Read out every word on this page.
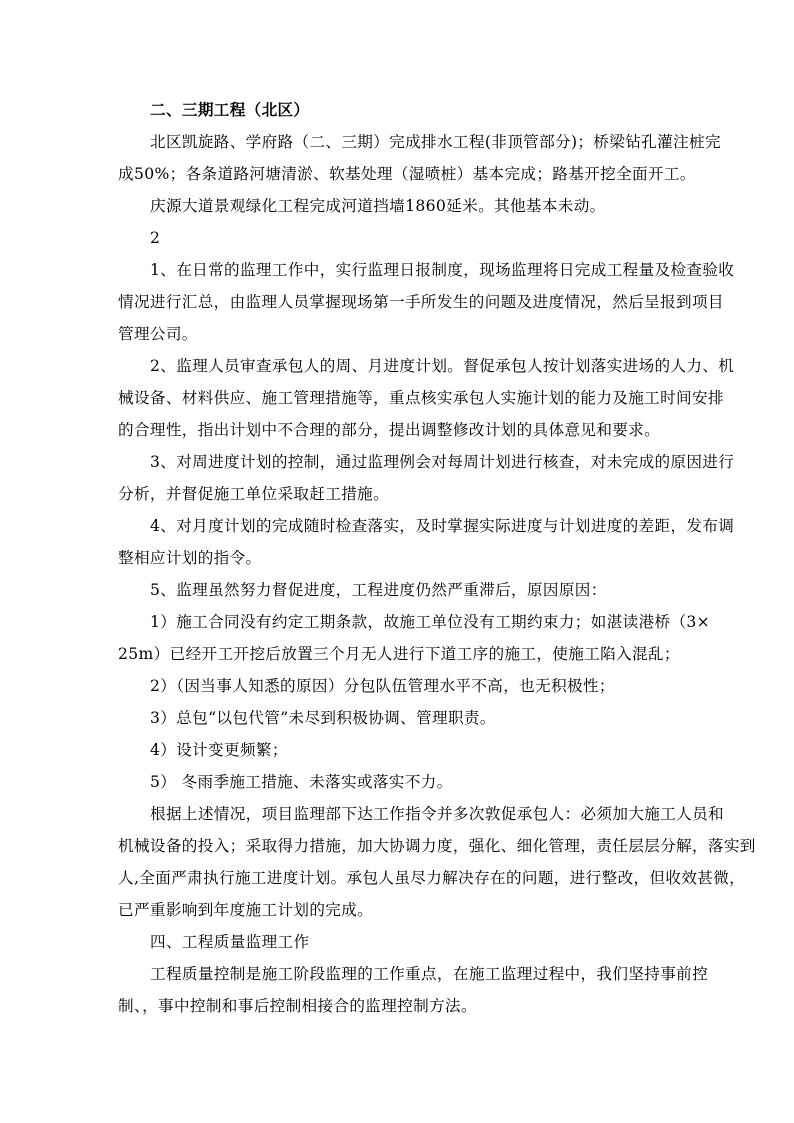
二、三期工程（北区）
北区凯旋路、学府路（二、三期）完成排水工程(非顶管部分)；桥梁钻孔灌注桩完
成50%；各条道路河塘清淤、软基处理（湿喷桩）基本完成；路基开挖全面开工。
庆源大道景观绿化工程完成河道挡墙1860延米。其他基本未动。
2
1、在日常的监理工作中，实行监理日报制度，现场监理将日完成工程量及检查验收
情况进行汇总，由监理人员掌握现场第一手所发生的问题及进度情况，然后呈报到项目
管理公司。
2、监理人员审查承包人的周、月进度计划。督促承包人按计划落实进场的人力、机
械设备、材料供应、施工管理措施等，重点核实承包人实施计划的能力及施工时间安排
的合理性，指出计划中不合理的部分，提出调整修改计划的具体意见和要求。
3、对周进度计划的控制，通过监理例会对每周计划进行核查，对未完成的原因进行
分析，并督促施工单位采取赶工措施。
4、对月度计划的完成随时检查落实，及时掌握实际进度与计划进度的差距，发布调
整相应计划的指令。
5、监理虽然努力督促进度，工程进度仍然严重滞后，原因原因：
1）施工合同没有约定工期条款，故施工单位没有工期约束力；如湛读港桥（3×
25m）已经开工开挖后放置三个月无人进行下道工序的施工，使施工陷入混乱；
2）（因当事人知悉的原因）分包队伍管理水平不高，也无积极性；
3）总包“以包代管”未尽到积极协调、管理职责。
4）设计变更频繁；
5） 冬雨季施工措施、未落实或落实不力。
根据上述情况，项目监理部下达工作指令并多次敦促承包人：必须加大施工人员和
机械设备的投入；采取得力措施，加大协调力度，强化、细化管理，责任层层分解，落实到
人,全面严肃执行施工进度计划。承包人虽尽力解决存在的问题，进行整改，但收效甚微，
已严重影响到年度施工计划的完成。
四、工程质量监理工作
工程质量控制是施工阶段监理的工作重点，在施工监理过程中，我们坚持事前控
制、，事中控制和事后控制相接合的监理控制方法。
